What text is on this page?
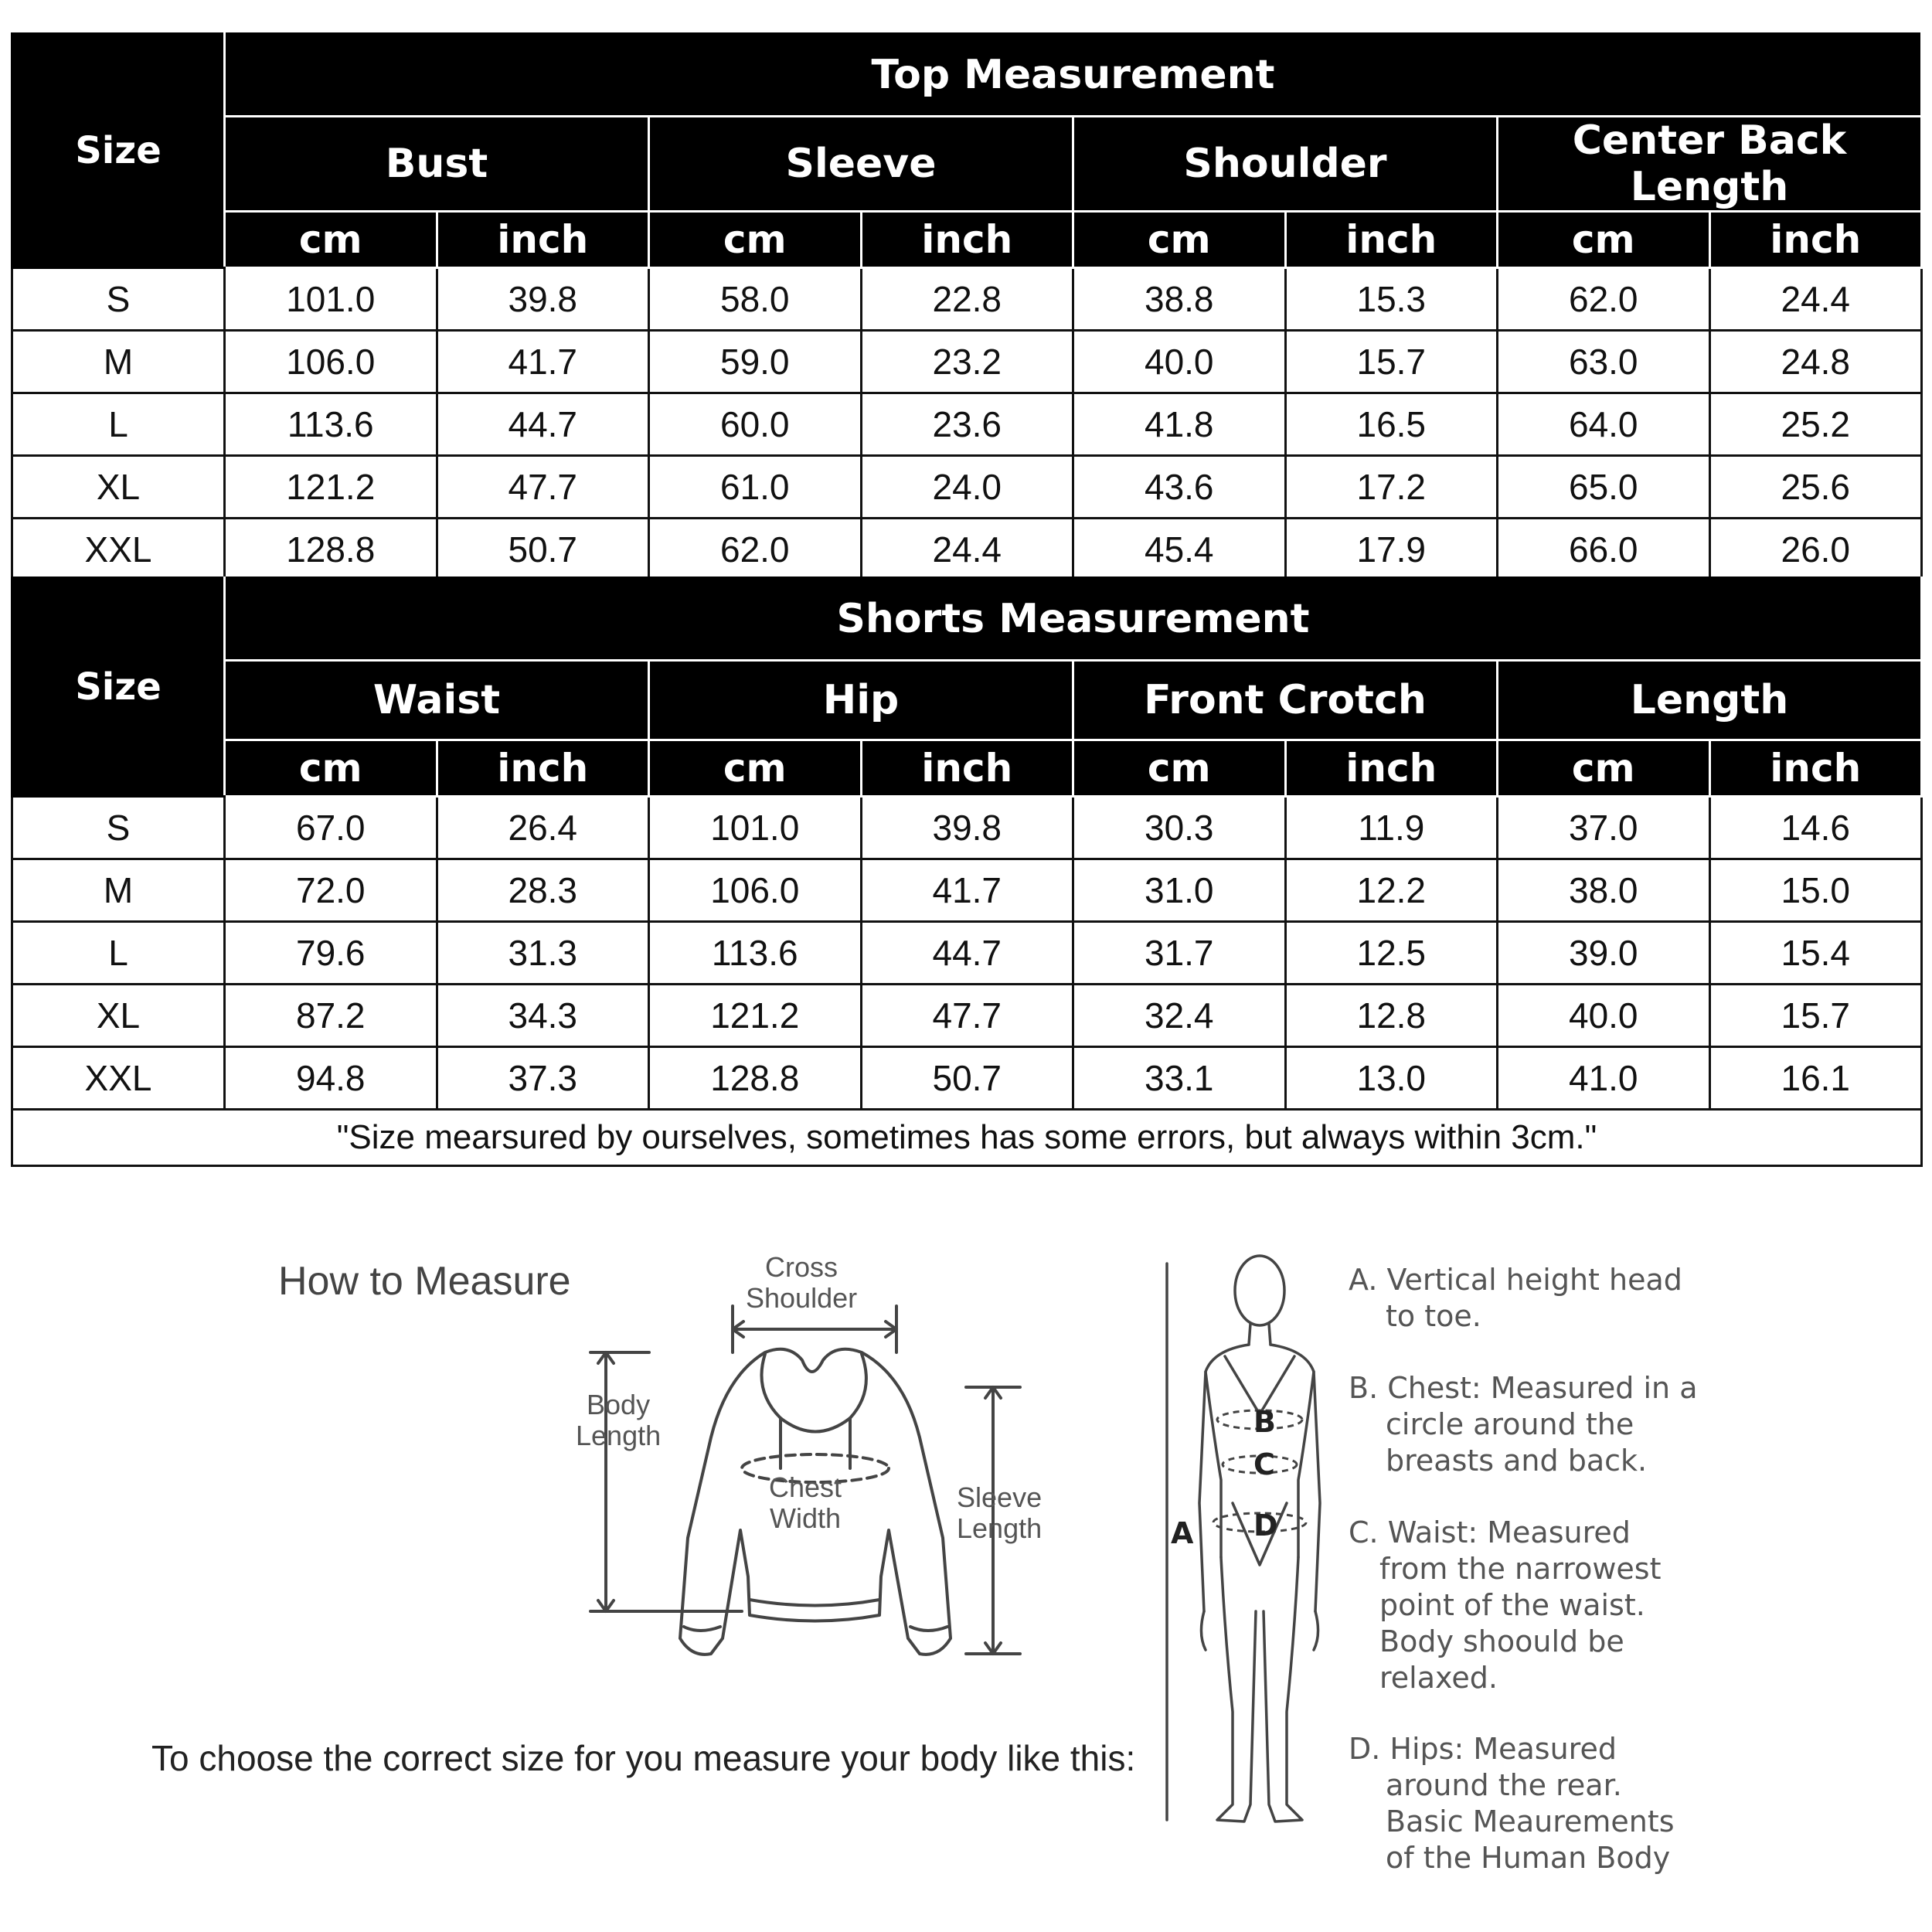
Size	Top Measurement							
	Bust		Sleeve		Shoulder		Center Back Length	
	cm	inch	cm	inch	cm	inch	cm	inch
S	101.0	39.8	58.0	22.8	38.8	15.3	62.0	24.4
M	106.0	41.7	59.0	23.2	40.0	15.7	63.0	24.8
L	113.6	44.7	60.0	23.6	41.8	16.5	64.0	25.2
XL	121.2	47.7	61.0	24.0	43.6	17.2	65.0	25.6
XXL	128.8	50.7	62.0	24.4	45.4	17.9	66.0	26.0
Size	Shorts Measurement							
	Waist		Hip		Front Crotch		Length	
	cm	inch	cm	inch	cm	inch	cm	inch
S	67.0	26.4	101.0	39.8	30.3	11.9	37.0	14.6
M	72.0	28.3	106.0	41.7	31.0	12.2	38.0	15.0
L	79.6	31.3	113.6	44.7	31.7	12.5	39.0	15.4
XL	87.2	34.3	121.2	47.7	32.4	12.8	40.0	15.7
XXL	94.8	37.3	128.8	50.7	33.1	13.0	41.0	16.1
"Size mearsured by ourselves, sometimes has some errors, but always within 3cm."								
How to Measure
To choose the correct size for you measure your body like this:
Cross
Shoulder
Body
Length
Chest
Width
Sleeve
Length	A
B
C
D
A. Vertical height head
to toe.
B. Chest: Measured in a
circle around the
breasts and back.
C. Waist: Measured
from the narrowest
point of the waist.
Body shoould be
relaxed.
D. Hips: Measured
around the rear.
Basic Meaurements
of the Human Body
